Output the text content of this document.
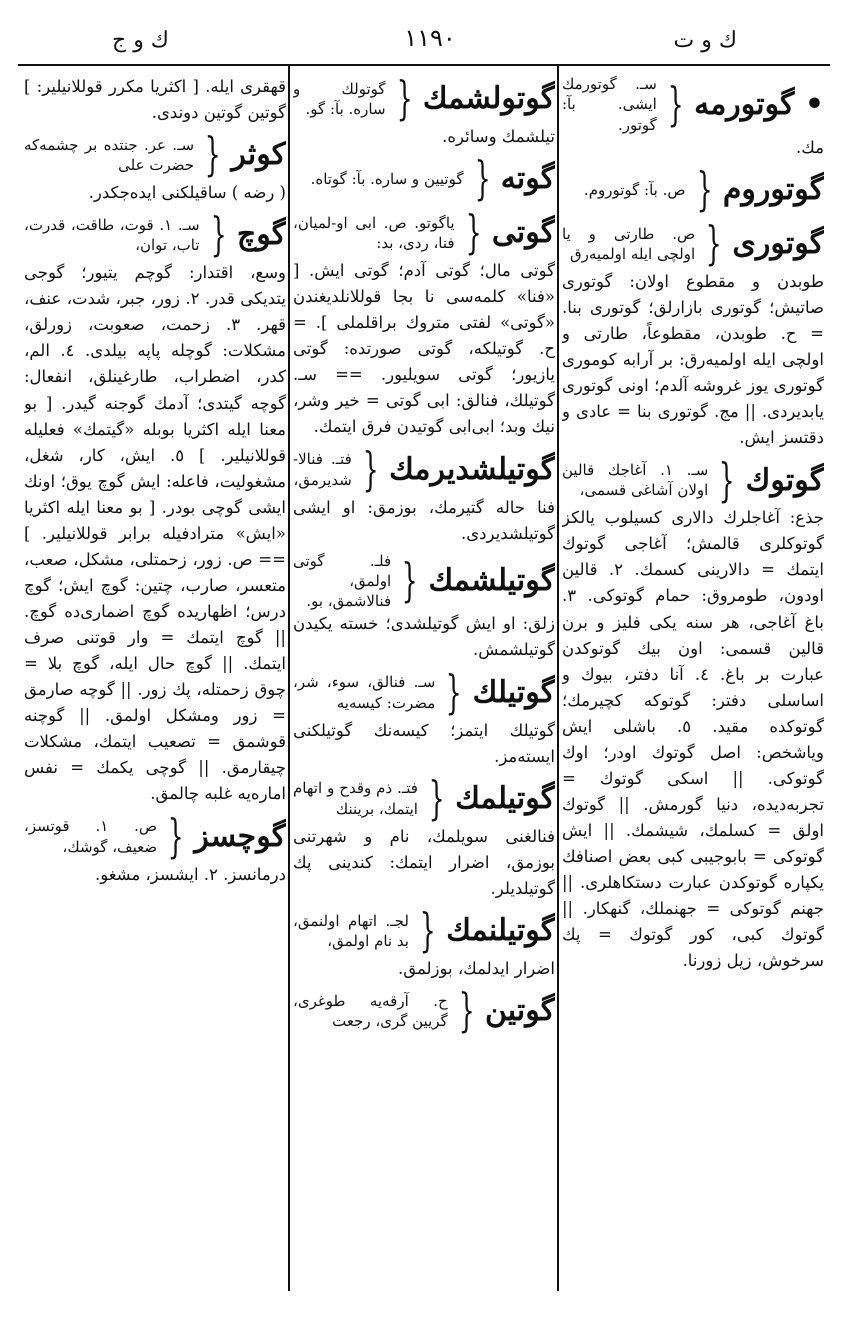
ك و ت
١١٩٠
ك و ج
• گوتورمه
{
سـ. گوتورمك ايشى. بآ: گوتور.

مك.

گوتوروم
{
ص. بآ: گوتوروم.
گوتورى
{
ص. طارتى و يا اولچى ايله اولميه‌رق

طوبدن و مقطوع اولان: گوتورى صاتيش؛ گوتورى بازارلق؛ گوتورى بنا. = ح. طوبدن، مقطوعاً، طارتى و اولچى ايله اولميه‌رق: بر آرابه كومورى گوتورى يوز غروشه آلدم؛ اونى گوتورى يابديردى. || مج. گوتورى بنا = عادى و دقتسز ايش.

گوتوك
{
سـ. ١. آغاجك قالين اولان آشاغى قسمى،

جذع: آغاجلرك دالارى كسيلوب يالكز گوتوكلرى قالمش؛ آغاجى گوتوك ايتمك = دالارينى كسمك. ٢. قالين اودون، طومروق: حمام گوتوكى. ٣. باغ آغاجى، هر سنه يكى فليز و برن قالين قسمى: اون بيك گوتوكدن عبارت بر باغ. ٤. آنا دفتر، بيوك و اساسلى دفتر: گوتوكه كچيرمك؛ گوتوكده مقيد. ٥. باشلى ايش وياشخص: اصل گوتوك اودر؛ اوك گوتوكى. || اسكى گوتوك = تجربه‌ديده، دنيا گورمش. || گوتوك اولق = كسلمك، شيشمك. || ايش گوتوكى = بابوجيبى كبى بعض اصنافك يكپاره گوتوكدن عبارت دستكاهلرى. || جهنم گوتوكى = جهنملك، گنهكار. || گوتوك كبى، كور گوتوك = پك سرخوش، زيل زورنا.

گوتولشمك
{
گوتولك و ساره. بآ: گو.

تيلشمك وسائره.

گوته
{
گوتيين و ساره. بآ: گوتاه.
گوتى
{
ياگوتو. ص. ابى او-لميان، فنا، ردى، بد:

گوتى مال؛ گوتى آدم؛ گوتى ايش. [ «فنا» كلمه‌سى نا بجا قوللانلديغندن «گوتى» لفتى متروك براقلملى ]. = ح. گوتيلكه، گوتى صورتده: گوتى يازيور؛ گوتى سويليور. == سـ. گوتيلك، فنالق: ابى گوتى = خير وشر، نيك وبد؛ ابى‌ابى گوتيدن فرق ايتمك.

گوتيلشديرمك
{
فتـ. فنالا-شديرمق،

فنا حاله گتيرمك، بوزمق: او ايشى گوتيلشديردى.

گوتيلشمك
{
فلـ. گوتى اولمق، فنالاشمق، بو.

زلق: او ايش گوتيلشدى؛ خسته يكيدن گوتيلشمش.

گوتيلك
{
سـ. فنالق، سوء، شر، مضرت: كيسه‌يه

گوتيلك ايتمز؛ كيسه‌نك گوتيلكنى ايسته‌مز.

گوتيلمك
{
فتـ. ذم وقدح و اتهام ايتمك، بريننك

فنالغنى سويلمك، نام و شهرتنى بوزمق، اضرار ايتمك: كندينى پك گوتيلديلر.

گوتيلنمك
{
لجـ. اتهام اولنمق، بد نام اولمق،

اضرار ايدلمك، بوزلمق.

گوتين
{
ح. آرقه‌يه طوغرى، گريين گرى، رجعت

قهقرى ايله. [ اكثريا مكرر قوللانيلير: ] گوتين گوتين دوندى.

كوثر
{
سـ. عر. جنتده بر چشمه‌كه حضرت على

( رضه ) ساقيلكنى ايده‌جكدر.

گوچ
{
سـ. ١. قوت، طاقت، قدرت، تاب، توان،

وسع، اقتدار: گوچم يتيور؛ گوجى يتديكى قدر. ٢. زور، جبر، شدت، عنف، قهر. ٣. زحمت، صعوبت، زورلق، مشكلات: گوچله پاپه بيلدى. ٤. الم، كدر، اضطراب، طارغينلق، انفعال: گوچه گيتدى؛ آدمك گوجنه گيدر. [ بو معنا ايله اكثريا بوبله «گيتمك» فعليله قوللانيلير. ] ٥. ايش، كار، شغل، مشغوليت، فاعله: ايش گوچ يوق؛ اونك ايشى گوچى بودر. [ بو معنا ايله اكثريا «ايش» مترادفيله برابر قوللانيلير. ] == ص. زور، زحمتلى، مشكل، صعب، متعسر، صارب، چتين: گوچ ايش؛ گوچ درس؛ اظهاريده گوچ اضمارى‌ده گوچ. || گوچ ايتمك = وار قوتنى صرف ايتمك. || گوچ حال ايله، گوچ بلا = چوق زحمتله، پك زور. || گوچه صارمق = زور ومشكل اولمق. || گوچنه قوشمق = تصعيب ايتمك، مشكلات چيقارمق. || گوچى يكمك = نفس اماره‌يه غلبه چالمق.

گوچسز
{
ص. ١. قوتسز، ضعيف، گوشك،

درمانسز. ٢. ايشسز، مشغو.
